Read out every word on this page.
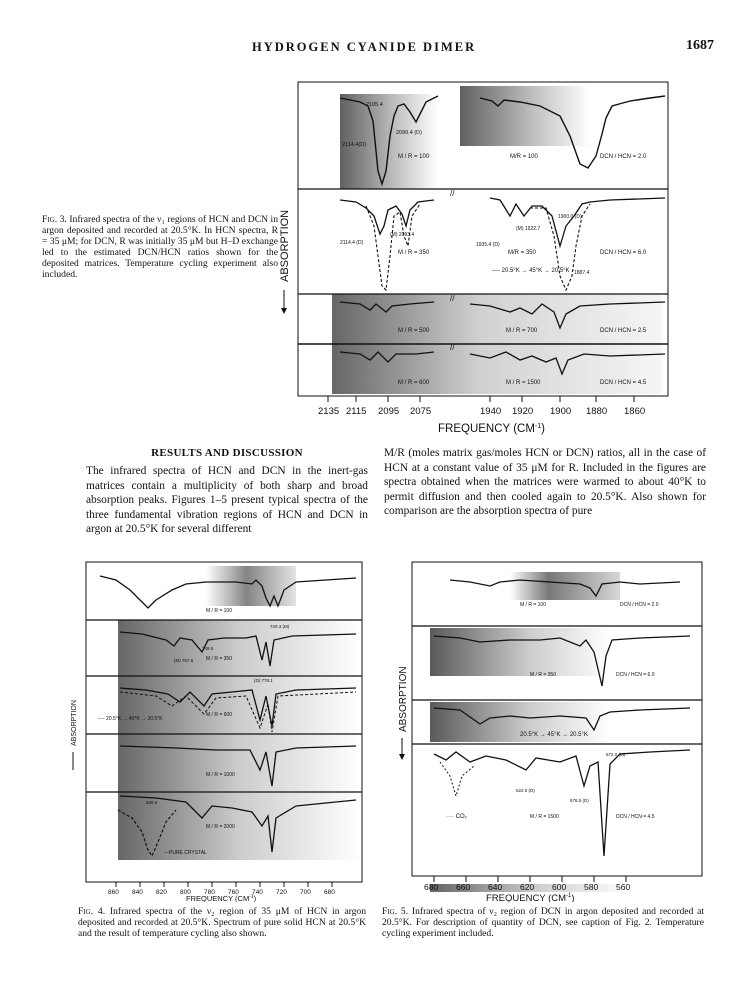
HYDROGEN CYANIDE DIMER	1687
//
//
//
2105.4
2114.4(D)
2090.4 (D)
M / R = 100	M/R = 100	DCN / HCN = 2.0
2114.4 (D)
(M) 2093.4
1935.4 (D)
(M) 1922.7
1900.0 (D)
1887.4
M / R = 350	M/R = 350	DCN / HCN = 6.0
---- 20.5°K → 45°K → 20.5°K
M / R = 500	M / R = 700	DCN / HCN = 2.5
M / R = 600	M / R = 1500	DCN / HCN = 4.5
2135 2115 2095 2075	1940 1920 1900 1880 1860
FREQUENCY $(CM^{-1})$
ABSORPTION
Fig. 3. Infrared spectra of the ν₁ regions of HCN and DCN in argon deposited and recorded at 20.5°K. In HCN spectra, R = 35 μM; for DCN, R was initially 35 μM but H–D exchange led to the estimated DCN/HCN ratios shown for the deposited matrices. Temperature cycling experiment also included.
RESULTS AND DISCUSSION
The infrared spectra of HCN and DCN in the inert-gas matrices contain a multiplicity of both sharp and broad absorption peaks. Figures 1–5 present typical spectra of the three fundamental vibration regions of HCN and DCN in argon at 20.5°K for several different
M/R (moles matrix gas/moles HCN or DCN) ratios, all in the case of HCN at a constant value of 35 μM for R. Included in the figures are spectra obtained when the matrices were warmed to about 40°K to permit diffusion and then cooled again to 20.5°K. Also shown for comparison are the absorption spectra of pure
M / R = 100
M / R = 350
M / R = 600
M / R = 1000
M / R = 2000
(M) 767.5
749.5
720.3 (M)
(D) 778.1
836.5
---PURE CRYSTAL
---- 20.5°K → 40°K → 20.5°K
860 840 820 800 780 760 740 720 700 680
FREQUENCY $(CM^{-1})$
ABSORPTION
Fig. 4. Infrared spectra of the ν₂ region of 35 μM of HCN in argon deposited and recorded at 20.5°K. Spectrum of pure solid HCN at 20.5°K and the result of temperature cycling also shown.
M / R = 100	DCN / HCN = 2.0
M / R = 350	DCN / HCN = 6.0
20.5°K → 45°K → 20.5°K
M / R = 1500	DCN / HCN = 4.5
572.0 (M)
622.0 (D)
578.5 (D)
···· CO₂
680 660 640 620 600 580 560
FREQUENCY $(CM^{-1})$
ABSORPTION
Fig. 5. Infrared spectra of ν₂ region of DCN in argon deposited and recorded at 20.5°K. For description of quantity of DCN, see caption of Fig. 2. Temperature cycling experiment included.
